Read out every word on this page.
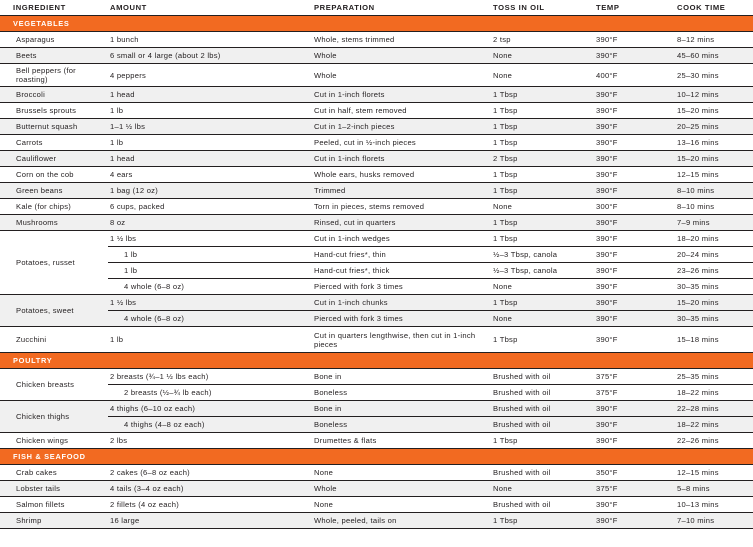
INGREDIENT	AMOUNT	PREPARATION	TOSS IN OIL	TEMP	COOK TIME
VEGETABLES					
Asparagus	1 bunch	Whole, stems trimmed	2 tsp	390°F	8–12 mins
Beets	6 small or 4 large (about 2 lbs)	Whole	None	390°F	45–60 mins
Bell peppers (for roasting)	4 peppers	Whole	None	400°F	25–30 mins
Broccoli	1 head	Cut in 1-inch florets	1 Tbsp	390°F	10–12 mins
Brussels sprouts	1 lb	Cut in half, stem removed	1 Tbsp	390°F	15–20 mins
Butternut squash	1–1 ½ lbs	Cut in 1–2-inch pieces	1 Tbsp	390°F	20–25 mins
Carrots	1 lb	Peeled, cut in ½-inch pieces	1 Tbsp	390°F	13–16 mins
Cauliflower	1 head	Cut in 1-inch florets	2 Tbsp	390°F	15–20 mins
Corn on the cob	4 ears	Whole ears, husks removed	1 Tbsp	390°F	12–15 mins
Green beans	1 bag (12 oz)	Trimmed	1 Tbsp	390°F	8–10 mins
Kale (for chips)	6 cups, packed	Torn in pieces, stems removed	None	300°F	8–10 mins
Mushrooms	8 oz	Rinsed, cut in quarters	1 Tbsp	390°F	7–9 mins
Potatoes, russet	1 ½ lbs	Cut in 1-inch wedges	1 Tbsp	390°F	18–20 mins
	1 lb	Hand-cut fries*, thin	½–3 Tbsp, canola	390°F	20–24 mins
	1 lb	Hand-cut fries*, thick	½–3 Tbsp, canola	390°F	23–26 mins
	4 whole (6–8 oz)	Pierced with fork 3 times	None	390°F	30–35 mins
Potatoes, sweet	1 ½ lbs	Cut in 1-inch chunks	1 Tbsp	390°F	15–20 mins
	4 whole (6–8 oz)	Pierced with fork 3 times	None	390°F	30–35 mins
Zucchini	1 lb	Cut in quarters lengthwise, then cut in 1-inch pieces	1 Tbsp	390°F	15–18 mins
POULTRY					
Chicken breasts	2 breasts (¾–1 ½ lbs each)	Bone in	Brushed with oil	375°F	25–35 mins
	2 breasts (½–¾ lb each)	Boneless	Brushed with oil	375°F	18–22 mins
Chicken thighs	4 thighs (6–10 oz each)	Bone in	Brushed with oil	390°F	22–28 mins
	4 thighs (4–8 oz each)	Boneless	Brushed with oil	390°F	18–22 mins
Chicken wings	2 lbs	Drumettes & flats	1 Tbsp	390°F	22–26 mins
FISH & SEAFOOD					
Crab cakes	2 cakes (6–8 oz each)	None	Brushed with oil	350°F	12–15 mins
Lobster tails	4 tails (3–4 oz each)	Whole	None	375°F	5–8 mins
Salmon fillets	2 fillets (4 oz each)	None	Brushed with oil	390°F	10–13 mins
Shrimp	16 large	Whole, peeled, tails on	1 Tbsp	390°F	7–10 mins
